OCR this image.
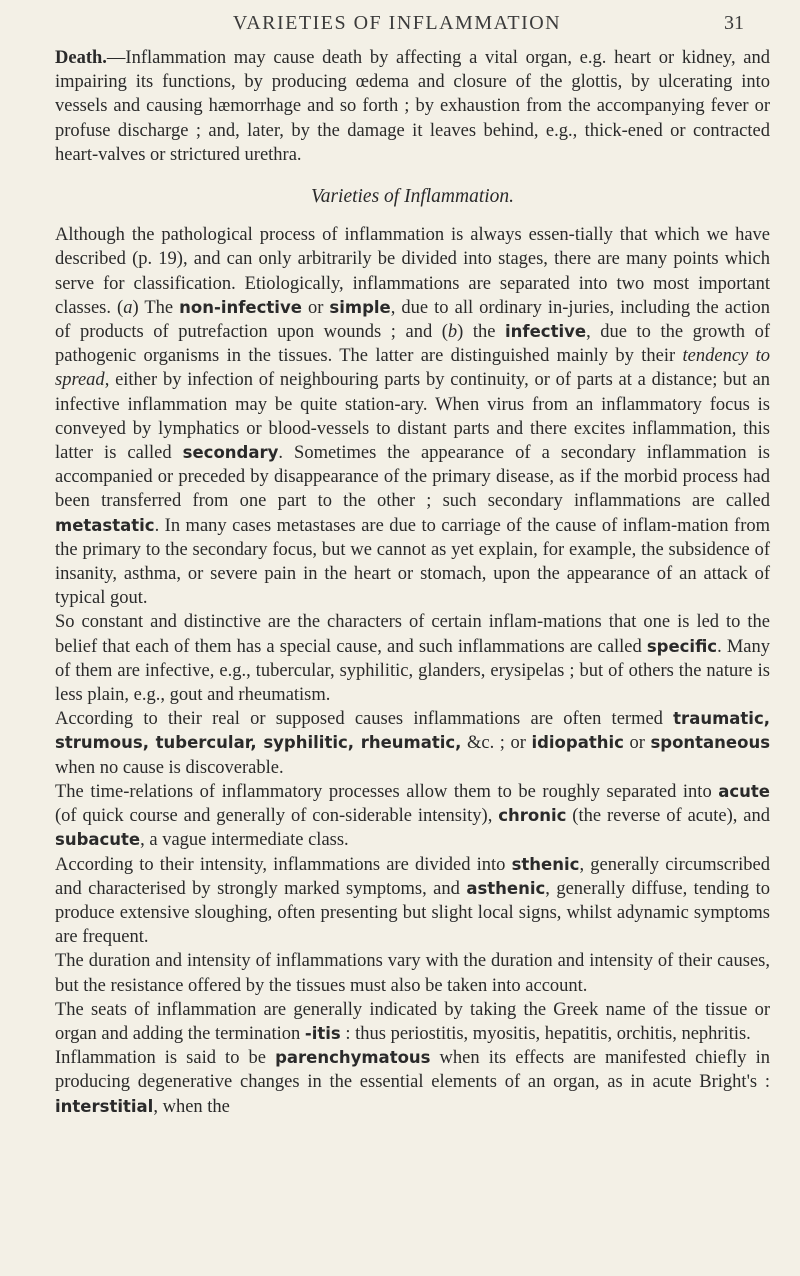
VARIETIES OF INFLAMMATION	31

Death.—Inflammation may cause death by affecting a vital organ, e.g. heart or kidney, and impairing its functions, by producing œdema and closure of the glottis, by ulcerating into vessels and causing hæmorrhage and so forth ; by exhaustion from the accompanying fever or profuse discharge ; and, later, by the damage it leaves behind, e.g., thick-ened or contracted heart-valves or strictured urethra.

Varieties of Inflammation.

Although the pathological process of inflammation is always essen-tially that which we have described (p. 19), and can only arbitrarily be divided into stages, there are many points which serve for classification. Etiologically, inflammations are separated into two most important classes. (a) The non-infective or simple, due to all ordinary in-juries, including the action of products of putrefaction upon wounds ; and (b) the infective, due to the growth of pathogenic organisms in the tissues. The latter are distinguished mainly by their tendency to spread, either by infection of neighbouring parts by continuity, or of parts at a distance; but an infective inflammation may be quite station-ary. When virus from an inflammatory focus is conveyed by lymphatics or blood-vessels to distant parts and there excites inflammation, this latter is called secondary. Sometimes the appearance of a secondary inflammation is accompanied or preceded by disappearance of the primary disease, as if the morbid process had been transferred from one part to the other ; such secondary inflammations are called metastatic. In many cases metastases are due to carriage of the cause of inflam-mation from the primary to the secondary focus, but we cannot as yet explain, for example, the subsidence of insanity, asthma, or severe pain in the heart or stomach, upon the appearance of an attack of typical gout.

So constant and distinctive are the characters of certain inflam-mations that one is led to the belief that each of them has a special cause, and such inflammations are called specific. Many of them are infective, e.g., tubercular, syphilitic, glanders, erysipelas ; but of others the nature is less plain, e.g., gout and rheumatism.

According to their real or supposed causes inflammations are often termed traumatic, strumous, tubercular, syphilitic, rheumatic, &c. ; or idiopathic or spontaneous when no cause is discoverable.

The time-relations of inflammatory processes allow them to be roughly separated into acute (of quick course and generally of con-siderable intensity), chronic (the reverse of acute), and subacute, a vague intermediate class.

According to their intensity, inflammations are divided into sthenic, generally circumscribed and characterised by strongly marked symptoms, and asthenic, generally diffuse, tending to produce extensive sloughing, often presenting but slight local signs, whilst adynamic symptoms are frequent.

The duration and intensity of inflammations vary with the duration and intensity of their causes, but the resistance offered by the tissues must also be taken into account.

The seats of inflammation are generally indicated by taking the Greek name of the tissue or organ and adding the termination -itis : thus periostitis, myositis, hepatitis, orchitis, nephritis.

Inflammation is said to be parenchymatous when its effects are manifested chiefly in producing degenerative changes in the essential elements of an organ, as in acute Bright's : interstitial, when the
